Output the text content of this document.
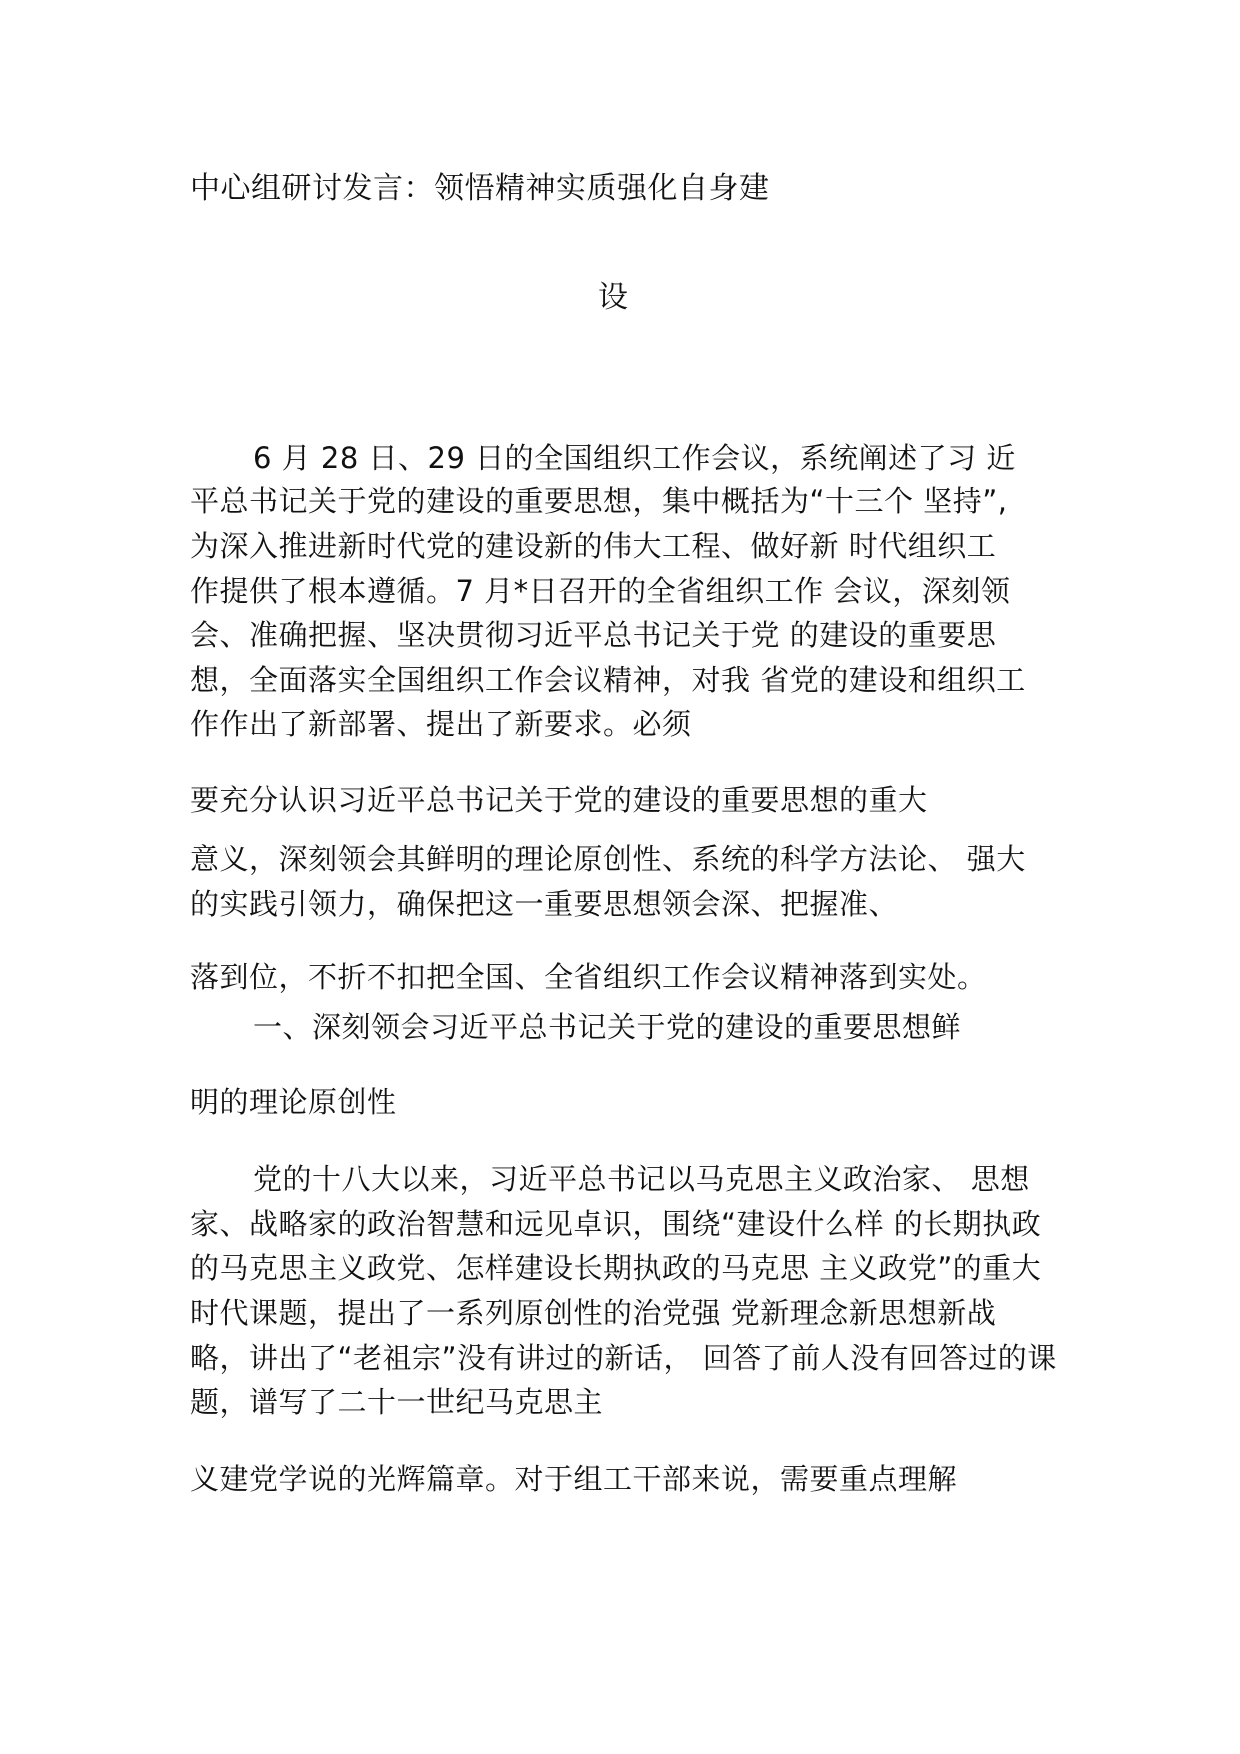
中心组研讨发言：领悟精神实质强化自身建
设
6 月 28 日、29 日的全国组织工作会议，系统阐述了习 近
平总书记关于党的建设的重要思想，集中概括为“十三个 坚持”,
为深入推进新时代党的建设新的伟大工程、做好新 时代组织工
作提供了根本遵循。7 月*日召开的全省组织工作 会议，深刻领
会、准确把握、坚决贯彻习近平总书记关于党 的建设的重要思
想，全面落实全国组织工作会议精神，对我 省党的建设和组织工
作作出了新部署、提出了新要求。必须
要充分认识习近平总书记关于党的建设的重要思想的重大
意义，深刻领会其鲜明的理论原创性、系统的科学方法论、 强大
的实践引领力，确保把这一重要思想领会深、把握准、
落到位，不折不扣把全国、全省组织工作会议精神落到实处。
一、深刻领会习近平总书记关于党的建设的重要思想鲜
明的理论原创性
党的十八大以来，习近平总书记以马克思主义政治家、 思想
家、战略家的政治智慧和远见卓识，围绕“建设什么样 的长期执政
的马克思主义政党、怎样建设长期执政的马克思 主义政党”的重大
时代课题，提出了一系列原创性的治党强 党新理念新思想新战
略，讲出了“老祖宗”没有讲过的新话， 回答了前人没有回答过的课
题，谱写了二十一世纪马克思主
义建党学说的光辉篇章。对于组工干部来说，需要重点理解
